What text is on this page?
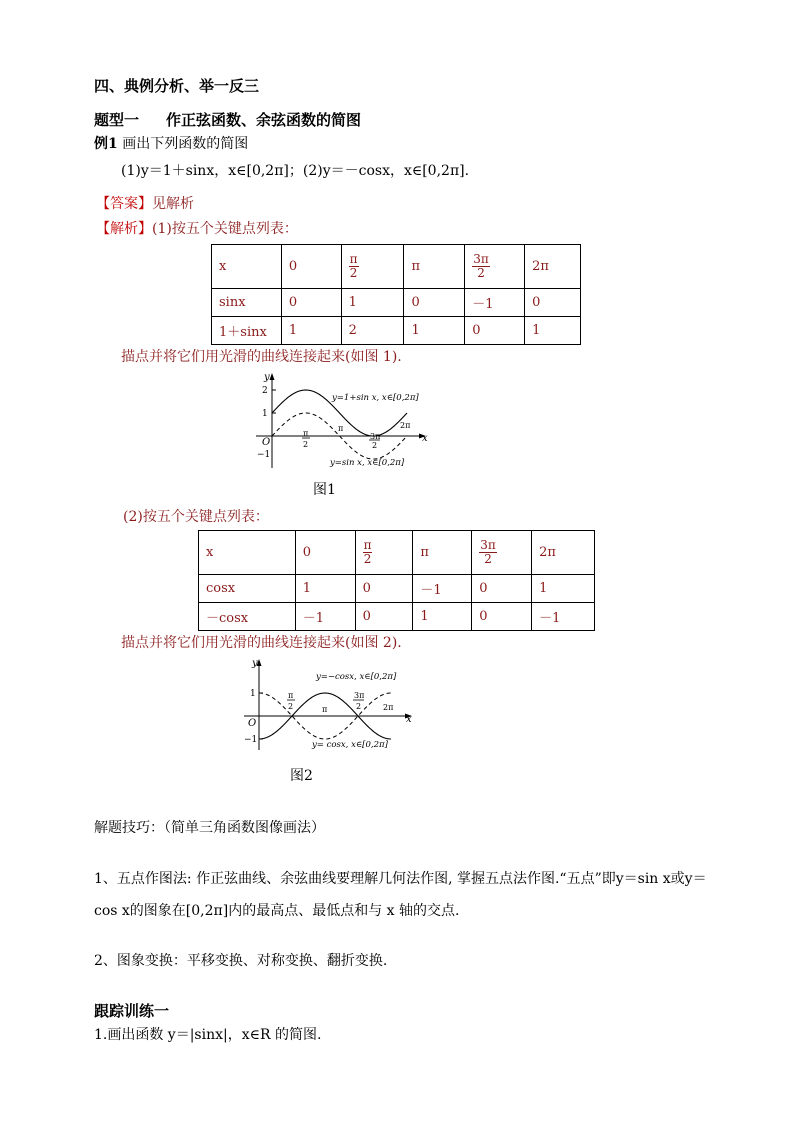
四、典例分析、举一反三
题型一 作正弦函数、余弦函数的简图
例1 画出下列函数的简图
(1)y＝1＋sinx，x∈[0,2π]；(2)y＝－cosx，x∈[0,2π].
【答案】见解析
【解析】(1)按五个关键点列表：
x	0	$\frac{\pi}{2}$	π	$\frac{3\pi}{2}$	2π
sinx	0	1	0	－1	0
1＋sinx	1	2	1	0	1
描点并将它们用光滑的曲线连接起来(如图 1).
y
x
O
2
1
−1
π
2
π
3π
2
2π
y=1+sin x, x∈[0,2π]
y=sin x, x∈[0,2π]
图1
(2)按五个关键点列表：
x	0	$\frac{\pi}{2}$	π	$\frac{3\pi}{2}$	2π
cosx	1	0	－1	0	1
－cosx	－1	0	1	0	－1
描点并将它们用光滑的曲线连接起来(如图 2).
y
x
O
1
−1
π
2	π
3π
2	2π
y=−cosx, x∈[0,2π]
y= cosx, x∈[0,2π]
图2
解题技巧：（简单三角函数图像画法）
1、五点作图法: 作正弦曲线、余弦曲线要理解几何法作图, 掌握五点法作图.“五点”即y＝sin x或y＝
cos x的图象在[0,2π]内的最高点、最低点和与 x 轴的交点.
2、图象变换：平移变换、对称变换、翻折变换.
跟踪训练一
1.画出函数 y＝|sinx|，x∈R 的简图.
